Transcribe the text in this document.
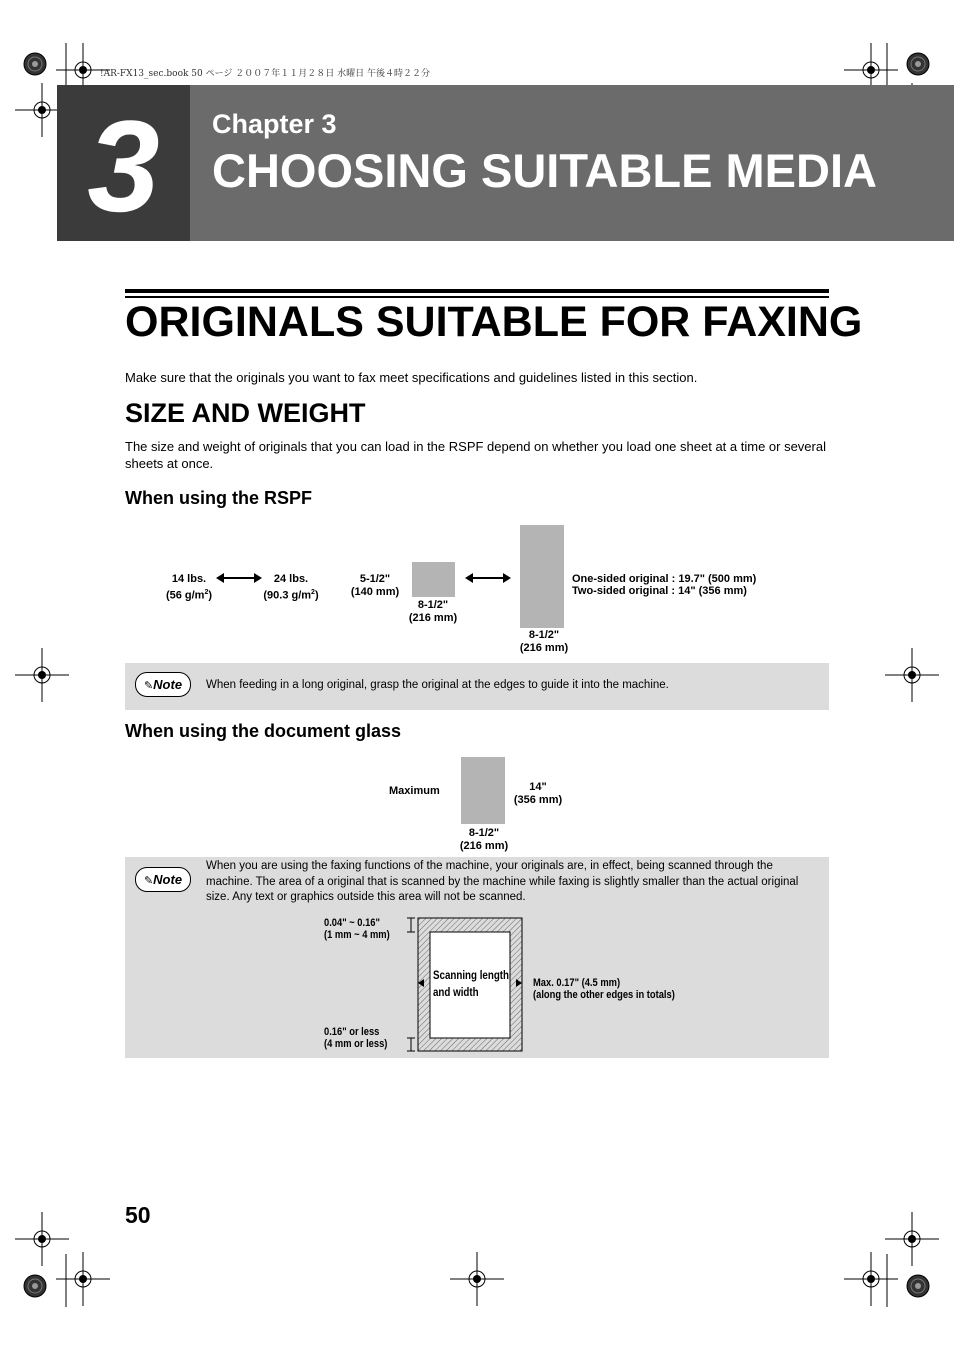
!AR-FX13_sec.book 50 ページ ２００７年１１月２８日 水曜日 午後４時２２分
3	Chapter 3
CHOOSING SUITABLE MEDIA
ORIGINALS SUITABLE FOR FAXING
Make sure that the originals you want to fax meet specifications and guidelines listed in this section.
SIZE AND WEIGHT
The size and weight of originals that you can load in the RSPF depend on whether you load one sheet at a time or several sheets at once.
When using the RSPF
14 lbs.
(56 $g/m^2$)
24 lbs.
(90.3 $g/m^2$)
5-1/2"
(140 mm)
8-1/2"
(216 mm)
8-1/2"
(216 mm)
One-sided original : 19.7" (500 mm)
Two-sided original : 14" (356 mm)
✎Note	When feeding in a long original, grasp the original at the edges to guide it into the machine.
When using the document glass
Maximum	14"
(356 mm)
8-1/2"
(216 mm)
✎Note
When you are using the faxing functions of the machine, your originals are, in effect, being scanned through the machine. The area of a original that is scanned by the machine while faxing is slightly smaller than the actual original size. Any text or graphics outside this area will not be scanned.
0.04" ~ 0.16"
(1 mm ~ 4 mm)
Scanning length
and width
Max. 0.17" (4.5 mm)
(along the other edges in totals)
0.16" or less
(4 mm or less)
50
